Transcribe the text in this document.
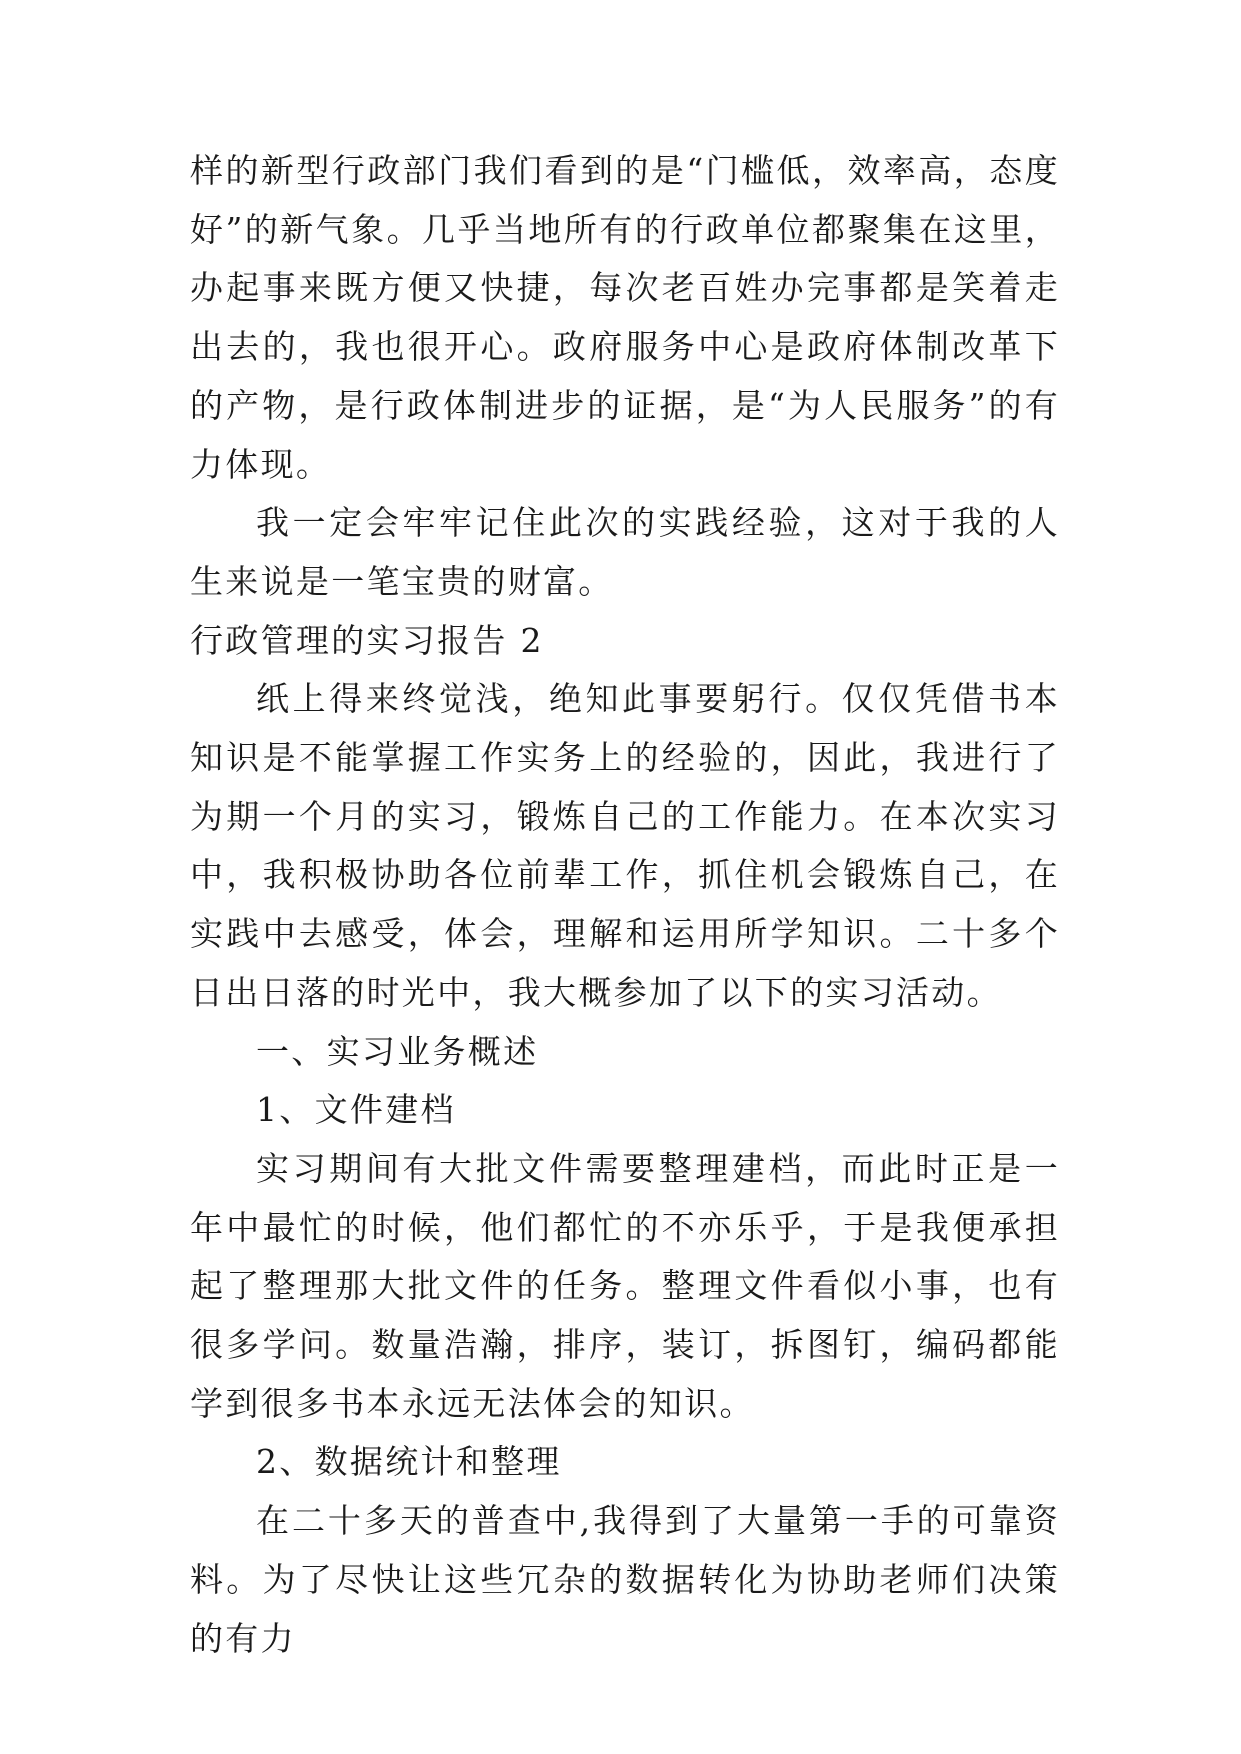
样的新型行政部门我们看到的是“门槛低，效率高，态度好”的新气象。几乎当地所有的行政单位都聚集在这里，办起事来既方便又快捷，每次老百姓办完事都是笑着走出去的，我也很开心。政府服务中心是政府体制改革下的产物，是行政体制进步的证据，是“为人民服务”的有力体现。

我一定会牢牢记住此次的实践经验，这对于我的人生来说是一笔宝贵的财富。

行政管理的实习报告 2

纸上得来终觉浅，绝知此事要躬行。仅仅凭借书本知识是不能掌握工作实务上的经验的，因此，我进行了为期一个月的实习，锻炼自己的工作能力。在本次实习中，我积极协助各位前辈工作，抓住机会锻炼自己，在实践中去感受，体会，理解和运用所学知识。二十多个日出日落的时光中，我大概参加了以下的实习活动。

一、实习业务概述

1、文件建档

实习期间有大批文件需要整理建档，而此时正是一年中最忙的时候，他们都忙的不亦乐乎，于是我便承担起了整理那大批文件的任务。整理文件看似小事，也有很多学问。数量浩瀚，排序，装订，拆图钉，编码都能学到很多书本永远无法体会的知识。

2、数据统计和整理

在二十多天的普查中,我得到了大量第一手的可靠资料。为了尽快让这些冗杂的数据转化为协助老师们决策的有力
